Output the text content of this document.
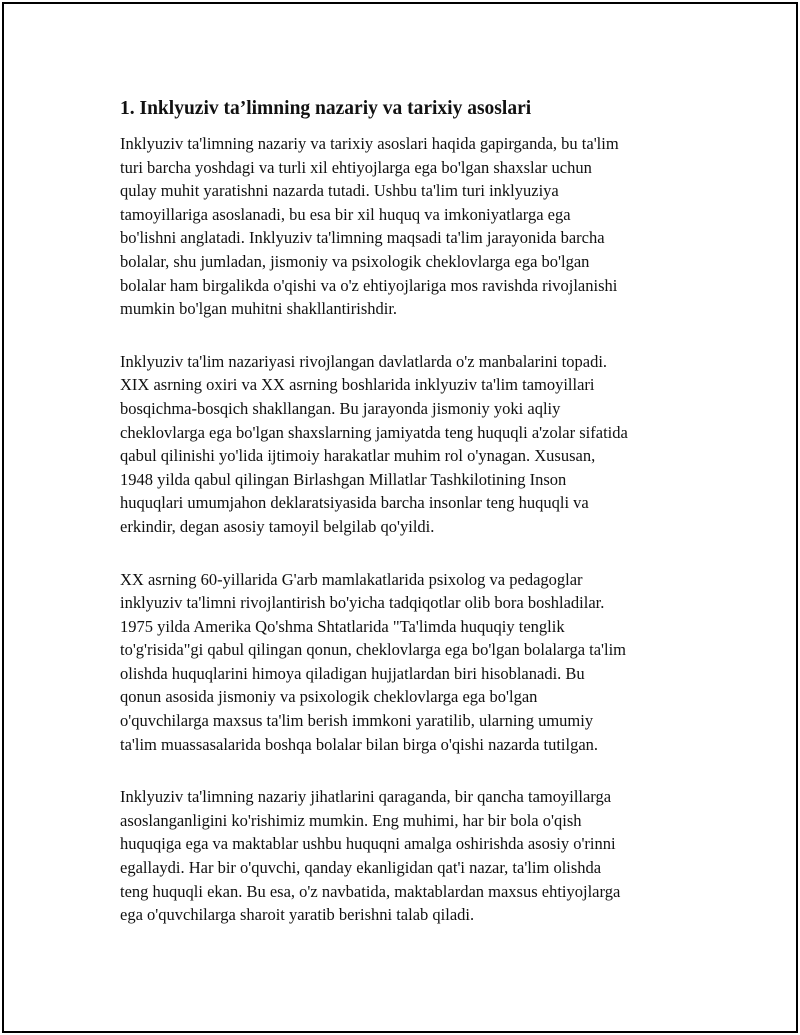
1. Inklyuziv ta’limning nazariy va tarixiy asoslari
Inklyuziv ta'limning nazariy va tarixiy asoslari haqida gapirganda, bu ta'lim
turi barcha yoshdagi va turli xil ehtiyojlarga ega bo'lgan shaxslar uchun
qulay muhit yaratishni nazarda tutadi. Ushbu ta'lim turi inklyuziya
tamoyillariga asoslanadi, bu esa bir xil huquq va imkoniyatlarga ega
bo'lishni anglatadi. Inklyuziv ta'limning maqsadi ta'lim jarayonida barcha
bolalar, shu jumladan, jismoniy va psixologik cheklovlarga ega bo'lgan
bolalar ham birgalikda o'qishi va o'z ehtiyojlariga mos ravishda rivojlanishi
mumkin bo'lgan muhitni shakllantirishdir.
Inklyuziv ta'lim nazariyasi rivojlangan davlatlarda o'z manbalarini topadi.
XIX asrning oxiri va XX asrning boshlarida inklyuziv ta'lim tamoyillari
bosqichma-bosqich shakllangan. Bu jarayonda jismoniy yoki aqliy
cheklovlarga ega bo'lgan shaxslarning jamiyatda teng huquqli a'zolar sifatida
qabul qilinishi yo'lida ijtimoiy harakatlar muhim rol o'ynagan. Xususan,
1948 yilda qabul qilingan Birlashgan Millatlar Tashkilotining Inson
huquqlari umumjahon deklaratsiyasida barcha insonlar teng huquqli va
erkindir, degan asosiy tamoyil belgilab qo'yildi.
XX asrning 60-yillarida G'arb mamlakatlarida psixolog va pedagoglar
inklyuziv ta'limni rivojlantirish bo'yicha tadqiqotlar olib bora boshladilar.
1975 yilda Amerika Qo'shma Shtatlarida "Ta'limda huquqiy tenglik
to'g'risida"gi qabul qilingan qonun, cheklovlarga ega bo'lgan bolalarga ta'lim
olishda huquqlarini himoya qiladigan hujjatlardan biri hisoblanadi. Bu
qonun asosida jismoniy va psixologik cheklovlarga ega bo'lgan
o'quvchilarga maxsus ta'lim berish immkoni yaratilib, ularning umumiy
ta'lim muassasalarida boshqa bolalar bilan birga o'qishi nazarda tutilgan.
Inklyuziv ta'limning nazariy jihatlarini qaraganda, bir qancha tamoyillarga
asoslanganligini ko'rishimiz mumkin. Eng muhimi, har bir bola o'qish
huquqiga ega va maktablar ushbu huquqni amalga oshirishda asosiy o'rinni
egallaydi. Har bir o'quvchi, qanday ekanligidan qat'i nazar, ta'lim olishda
teng huquqli ekan. Bu esa, o'z navbatida, maktablardan maxsus ehtiyojlarga
ega o'quvchilarga sharoit yaratib berishni talab qiladi.
